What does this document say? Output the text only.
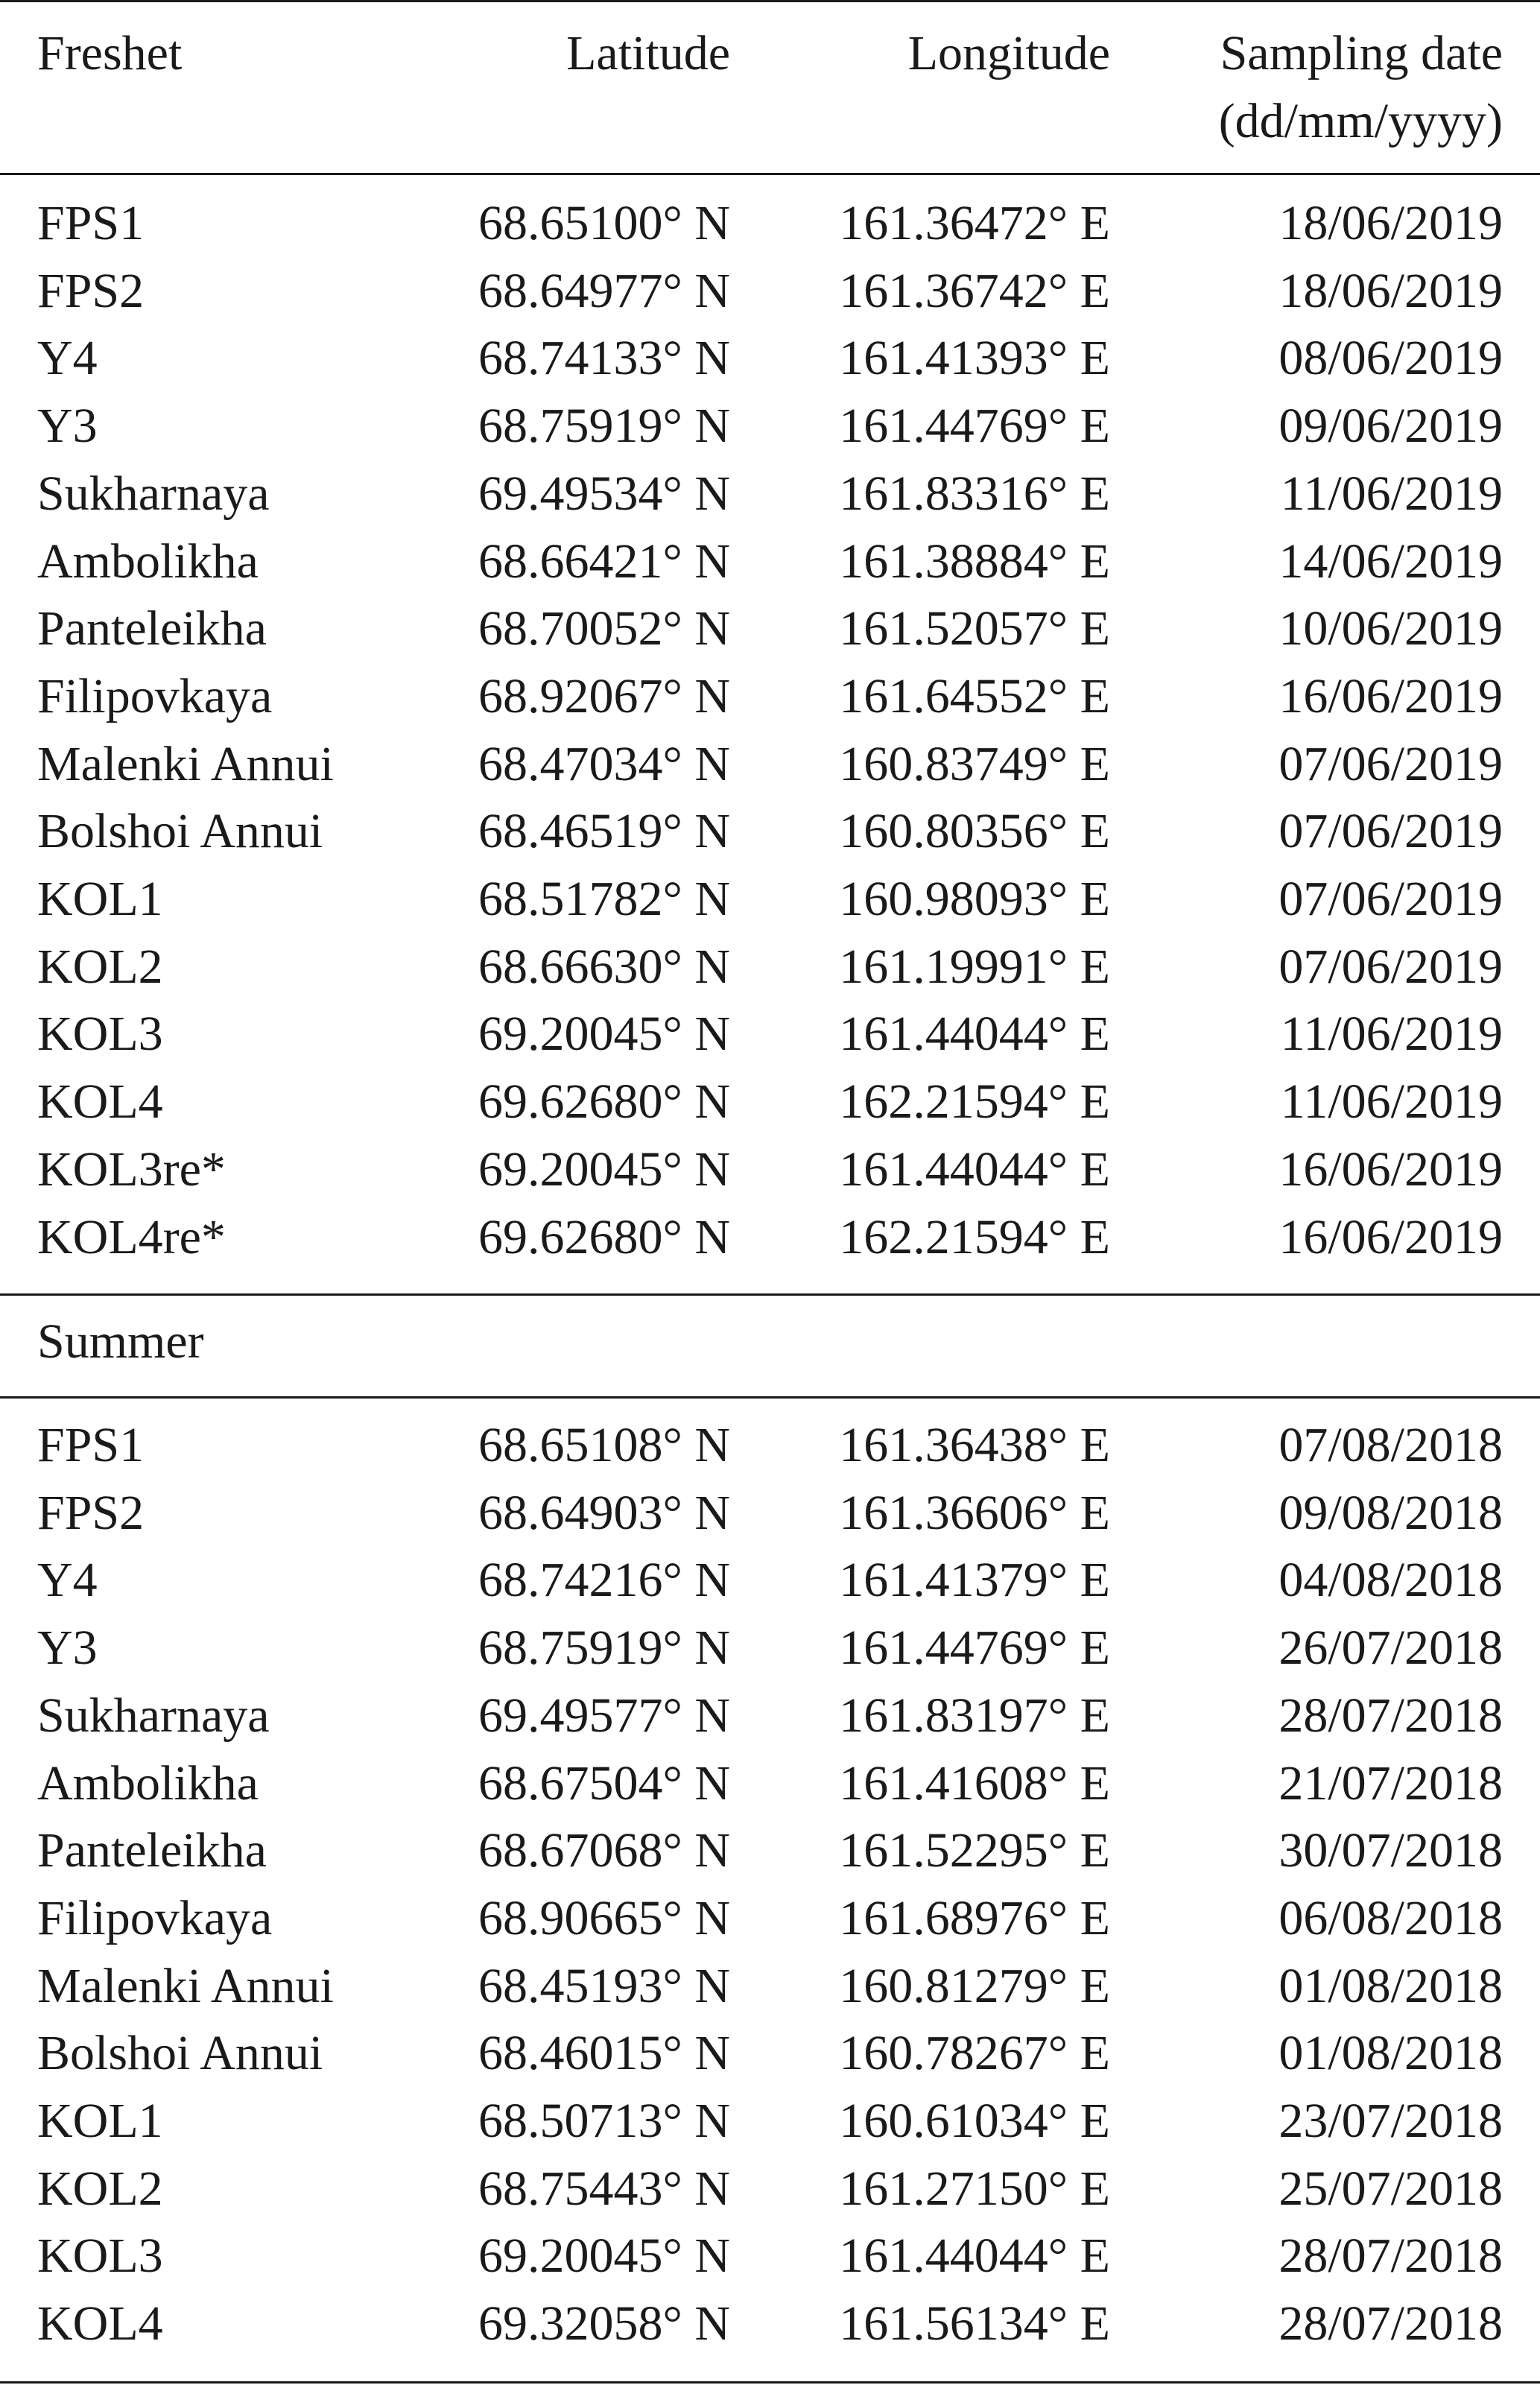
Freshet	Latitude	Longitude	Sampling date
(dd/mm/yyyy)
FPS1	68.65100° N	161.36472° E	18/06/2019
FPS2	68.64977° N	161.36742° E	18/06/2019
Y4	68.74133° N	161.41393° E	08/06/2019
Y3	68.75919° N	161.44769° E	09/06/2019
Sukharnaya	69.49534° N	161.83316° E	11/06/2019
Ambolikha	68.66421° N	161.38884° E	14/06/2019
Panteleikha	68.70052° N	161.52057° E	10/06/2019
Filipovkaya	68.92067° N	161.64552° E	16/06/2019
Malenki Annui	68.47034° N	160.83749° E	07/06/2019
Bolshoi Annui	68.46519° N	160.80356° E	07/06/2019
KOL1	68.51782° N	160.98093° E	07/06/2019
KOL2	68.66630° N	161.19991° E	07/06/2019
KOL3	69.20045° N	161.44044° E	11/06/2019
KOL4	69.62680° N	162.21594° E	11/06/2019
KOL3re*	69.20045° N	161.44044° E	16/06/2019
KOL4re*	69.62680° N	162.21594° E	16/06/2019
Summer
FPS1	68.65108° N	161.36438° E	07/08/2018
FPS2	68.64903° N	161.36606° E	09/08/2018
Y4	68.74216° N	161.41379° E	04/08/2018
Y3	68.75919° N	161.44769° E	26/07/2018
Sukharnaya	69.49577° N	161.83197° E	28/07/2018
Ambolikha	68.67504° N	161.41608° E	21/07/2018
Panteleikha	68.67068° N	161.52295° E	30/07/2018
Filipovkaya	68.90665° N	161.68976° E	06/08/2018
Malenki Annui	68.45193° N	160.81279° E	01/08/2018
Bolshoi Annui	68.46015° N	160.78267° E	01/08/2018
KOL1	68.50713° N	160.61034° E	23/07/2018
KOL2	68.75443° N	161.27150° E	25/07/2018
KOL3	69.20045° N	161.44044° E	28/07/2018
KOL4	69.32058° N	161.56134° E	28/07/2018
